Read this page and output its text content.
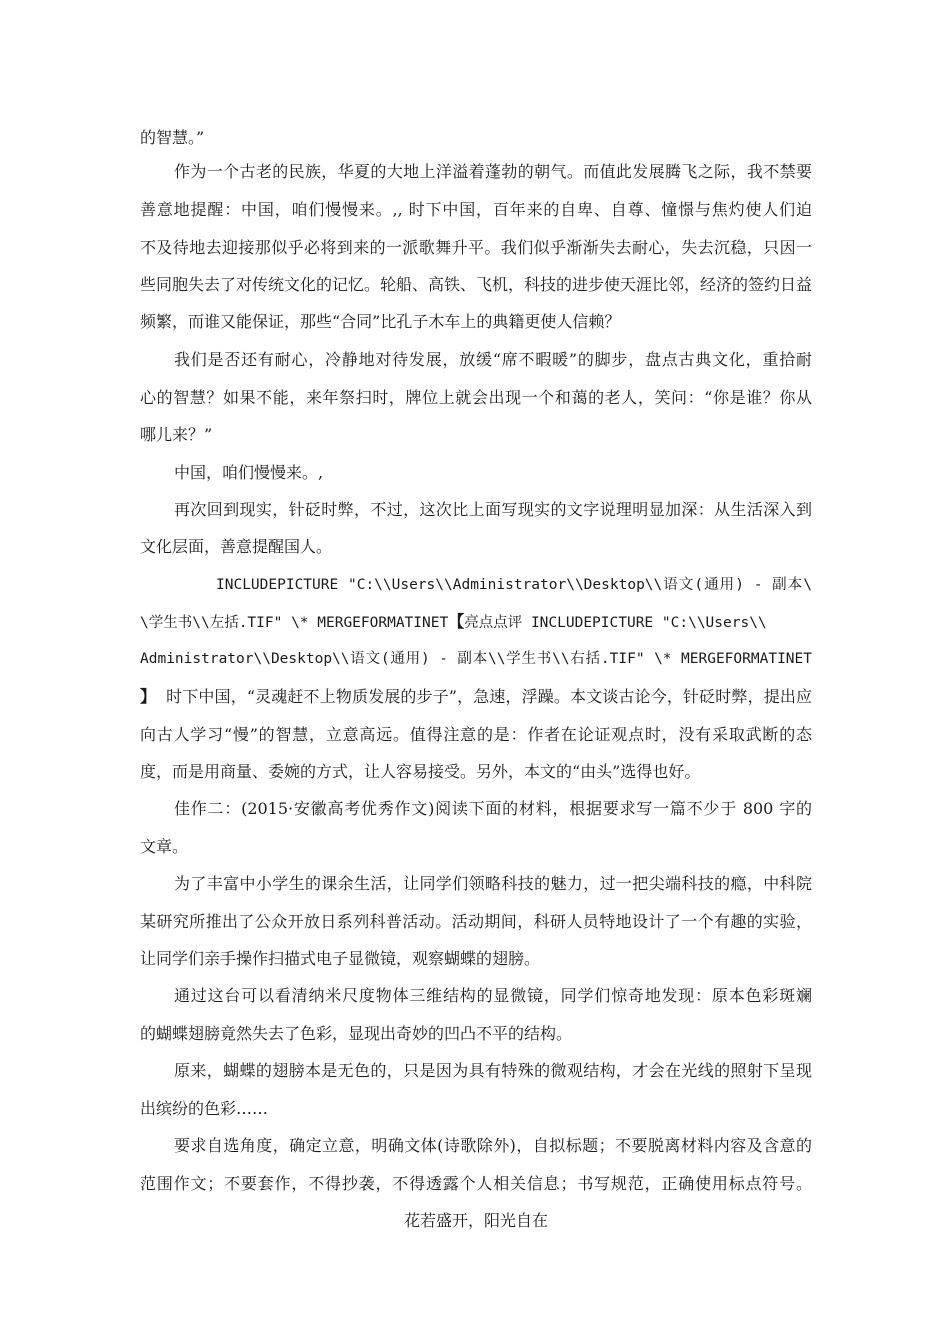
的智慧。”
作为一个古老的民族，华夏的大地上洋溢着蓬勃的朝气。而值此发展腾飞之际，我不禁要
善意地提醒：中国，咱们慢慢来。,, 时下中国，百年来的自卑、自尊、憧憬与焦灼使人们迫
不及待地去迎接那似乎必将到来的一派歌舞升平。我们似乎渐渐失去耐心，失去沉稳，只因一
些同胞失去了对传统文化的记忆。轮船、高铁、飞机，科技的进步使天涯比邻，经济的签约日益
频繁，而谁又能保证，那些“合同”比孔子木车上的典籍更使人信赖？
我们是否还有耐心，冷静地对待发展，放缓“席不暇暖”的脚步，盘点古典文化，重拾耐
心的智慧？如果不能，来年祭扫时，牌位上就会出现一个和蔼的老人，笑问：“你是谁？你从
哪儿来？”
中国，咱们慢慢来。,
再次回到现实，针砭时弊，不过，这次比上面写现实的文字说理明显加深：从生活深入到
文化层面，善意提醒国人。
INCLUDEPICTURE "C:\\Users\\Administrator\\Desktop\\语文(通用) - 副本\
\学生书\\左括.TIF" \* MERGEFORMATINET【亮点点评 INCLUDEPICTURE "C:\\Users\\
Administrator\\Desktop\\语文(通用) - 副本\\学生书\\右括.TIF" \* MERGEFORMATINET
】 时下中国，“灵魂赶不上物质发展的步子”，急速，浮躁。本文谈古论今，针砭时弊，提出应
向古人学习“慢”的智慧，立意高远。值得注意的是：作者在论证观点时，没有采取武断的态
度，而是用商量、委婉的方式，让人容易接受。另外，本文的“由头”选得也好。
佳作二：(2015·安徽高考优秀作文)阅读下面的材料，根据要求写一篇不少于 800 字的
文章。
为了丰富中小学生的课余生活，让同学们领略科技的魅力，过一把尖端科技的瘾，中科院
某研究所推出了公众开放日系列科普活动。活动期间，科研人员特地设计了一个有趣的实验，
让同学们亲手操作扫描式电子显微镜，观察蝴蝶的翅膀。
通过这台可以看清纳米尺度物体三维结构的显微镜，同学们惊奇地发现：原本色彩斑斓
的蝴蝶翅膀竟然失去了色彩，显现出奇妙的凹凸不平的结构。
原来，蝴蝶的翅膀本是无色的，只是因为具有特殊的微观结构，才会在光线的照射下呈现
出缤纷的色彩……
要求自选角度，确定立意，明确文体(诗歌除外)，自拟标题；不要脱离材料内容及含意的
范围作文；不要套作，不得抄袭，不得透露个人相关信息；书写规范，正确使用标点符号。
花若盛开，阳光自在
